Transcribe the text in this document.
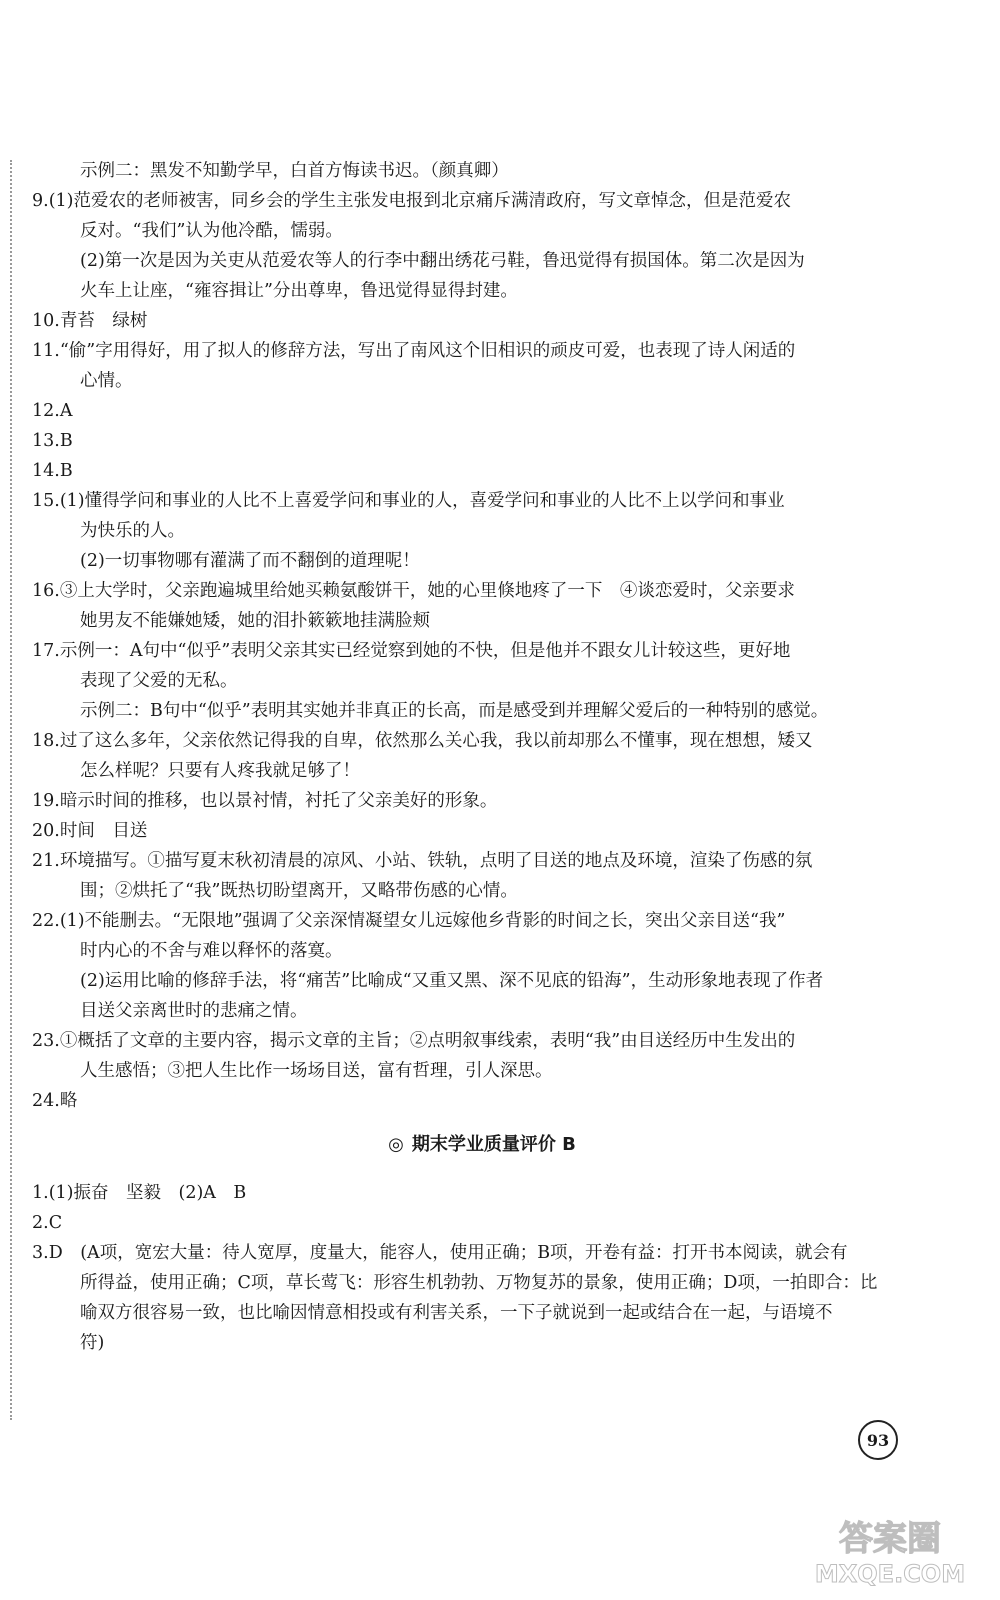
示例二：黑发不知勤学早，白首方悔读书迟。（颜真卿）
9.(1)范爱农的老师被害，同乡会的学生主张发电报到北京痛斥满清政府，写文章悼念，但是范爱农
反对。“我们”认为他冷酷，懦弱。
(2)第一次是因为关吏从范爱农等人的行李中翻出绣花弓鞋，鲁迅觉得有损国体。第二次是因为
火车上让座，“雍容揖让”分出尊卑，鲁迅觉得显得封建。
10.青苔　绿树
11.“偷”字用得好，用了拟人的修辞方法，写出了南风这个旧相识的顽皮可爱，也表现了诗人闲适的
心情。
12.A
13.B
14.B
15.(1)懂得学问和事业的人比不上喜爱学问和事业的人，喜爱学问和事业的人比不上以学问和事业
为快乐的人。
(2)一切事物哪有灌满了而不翻倒的道理呢！
16.③上大学时，父亲跑遍城里给她买赖氨酸饼干，她的心里倏地疼了一下　④谈恋爱时，父亲要求
她男友不能嫌她矮，她的泪扑簌簌地挂满脸颊
17.示例一：A句中“似乎”表明父亲其实已经觉察到她的不快，但是他并不跟女儿计较这些，更好地
表现了父爱的无私。
示例二：B句中“似乎”表明其实她并非真正的长高，而是感受到并理解父爱后的一种特别的感觉。
18.过了这么多年，父亲依然记得我的自卑，依然那么关心我，我以前却那么不懂事，现在想想，矮又
怎么样呢？只要有人疼我就足够了！
19.暗示时间的推移，也以景衬情，衬托了父亲美好的形象。
20.时间　目送
21.环境描写。①描写夏末秋初清晨的凉风、小站、铁轨，点明了目送的地点及环境，渲染了伤感的氛
围；②烘托了“我”既热切盼望离开，又略带伤感的心情。
22.(1)不能删去。“无限地”强调了父亲深情凝望女儿远嫁他乡背影的时间之长，突出父亲目送“我”
时内心的不舍与难以释怀的落寞。
(2)运用比喻的修辞手法，将“痛苦”比喻成“又重又黑、深不见底的铅海”，生动形象地表现了作者
目送父亲离世时的悲痛之情。
23.①概括了文章的主要内容，揭示文章的主旨；②点明叙事线索，表明“我”由目送经历中生发出的
人生感悟；③把人生比作一场场目送，富有哲理，引人深思。
24.略
◎ 期末学业质量评价 B
1.(1)振奋　坚毅　(2)A　B
2.C
3.D　(A项，宽宏大量：待人宽厚，度量大，能容人，使用正确；B项，开卷有益：打开书本阅读，就会有
所得益，使用正确；C项，草长莺飞：形容生机勃勃、万物复苏的景象，使用正确；D项，一拍即合：比
喻双方很容易一致，也比喻因情意相投或有利害关系，一下子就说到一起或结合在一起，与语境不
符)
93
答案圈
MXQE.COM
